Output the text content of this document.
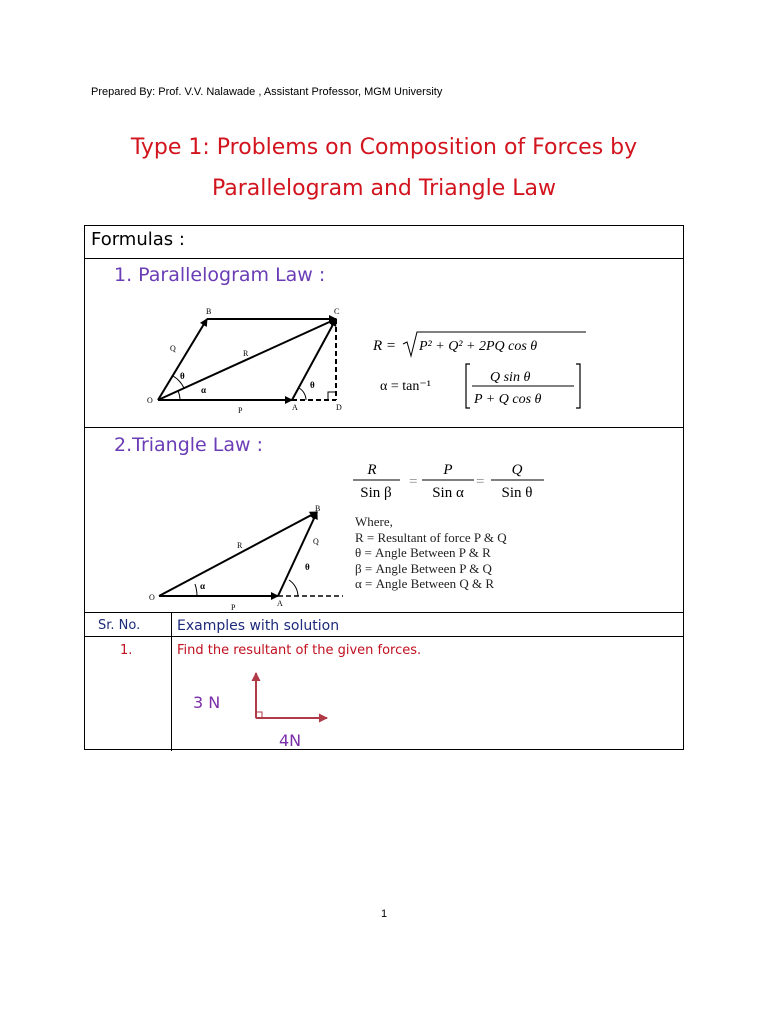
Prepared By: Prof. V.V. Nalawade , Assistant Professor, MGM University
Type 1: Problems on Composition of Forces by
Parallelogram and Triangle Law
Formulas :
1. Parallelogram Law :
2.Triangle Law :
B	C
O
A	D
Q
R
P
θ
α	θ
R = P² + Q² + 2PQ cos θ
α = tan⁻¹
Q sin θ
P + Q cos θ
B
O
A
R	Q
P
α
θ
R
Sin β
=
P
Sin α
=
Q
Sin θ
Where,
R = Resultant of force P & Q
θ = Angle Between P & R
β = Angle Between P & Q
α = Angle Between Q & R
Sr. No.	Examples with solution
1.	Find the resultant of the given forces.
3 N
4N
1
